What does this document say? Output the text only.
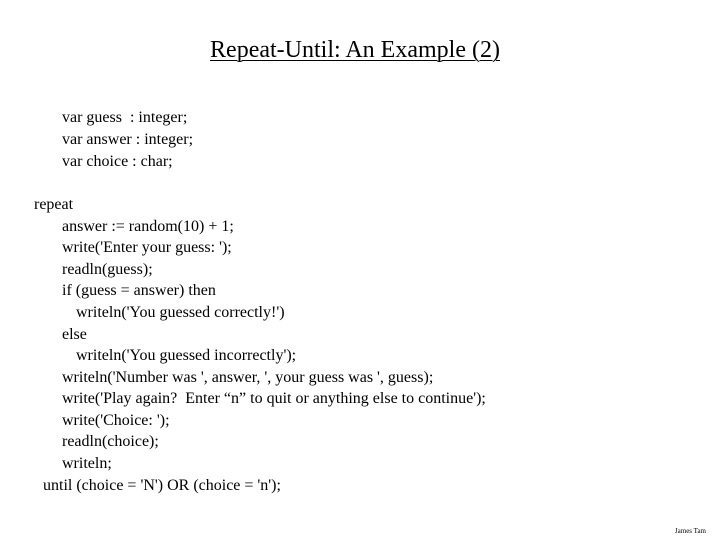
Repeat-Until: An Example (2)
var guess  : integer;
var answer : integer;
var choice : char;
repeat
answer := random(10) + 1;
write('Enter your guess: ');
readln(guess);
if (guess = answer) then
writeln('You guessed correctly!')
else
writeln('You guessed incorrectly');
writeln('Number was ', answer, ', your guess was ', guess);
write('Play again?  Enter “n” to quit or anything else to continue');
write('Choice: ');
readln(choice);
writeln;
until (choice = 'N') OR (choice = 'n');
James Tam
